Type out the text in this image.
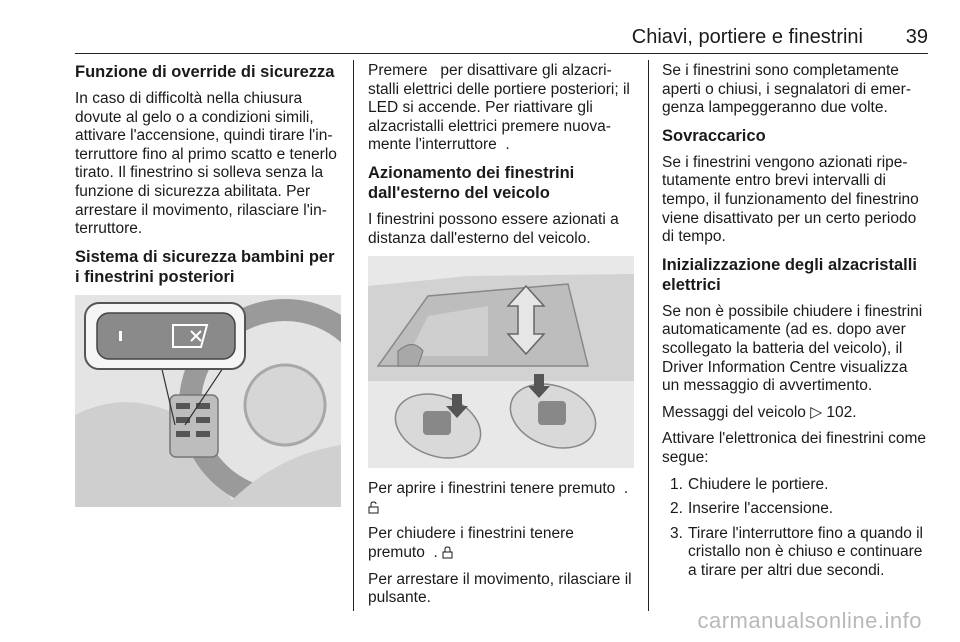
Chiavi, portiere e finestrini 39
Funzione di override di sicurezza

In caso di difficoltà nella chiusura dovute al gelo o a condizioni simili, attivare l'accensione, quindi tirare l'interruttore fino al primo scatto e tenerlo tirato. Il finestrino si solleva senza la funzione di sicurezza abilitata. Per arrestare il movimento, rilasciare l'interruttore.

Sistema di sicurezza bambini per i finestrini posteriori

Premere   per disattivare gli alzacristalli elettrici delle portiere posteriori; il LED si accende. Per riattivare gli alzacristalli elettrici premere nuovamente l'interruttore  .

Azionamento dei finestrini dall'esterno del veicolo

I finestrini possono essere azionati a distanza dall'esterno del veicolo.

Per aprire i finestrini tenere premuto  .

Per chiudere i finestrini tenere premuto  .

Per arrestare il movimento, rilasciare il pulsante.

Se i finestrini sono completamente aperti o chiusi, i segnalatori di emergenza lampeggeranno due volte.

Sovraccarico

Se i finestrini vengono azionati ripetutamente entro brevi intervalli di tempo, il funzionamento del finestrino viene disattivato per un certo periodo di tempo.

Inizializzazione degli alzacristalli elettrici

Se non è possibile chiudere i finestrini automaticamente (ad es. dopo aver scollegato la batteria del veicolo), il Driver Information Centre visualizza un messaggio di avvertimento.

Messaggi del veicolo ▷ 102.

Attivare l'elettronica dei finestrini come segue:

1. Chiudere le portiere.
2. Inserire l'accensione.
3. Tirare l'interruttore fino a quando il cristallo non è chiuso e continuare a tirare per altri due secondi.
carmanualsonline.info
